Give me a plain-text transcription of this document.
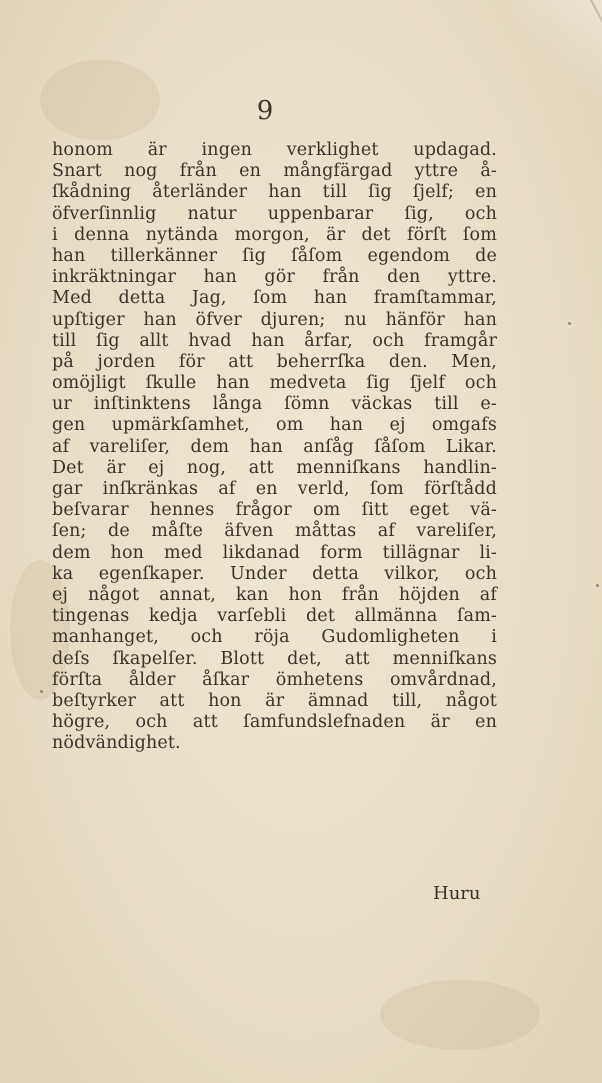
9
honom är ingen verklighet updagad.
Snart nog från en mångfärgad yttre å-
ſkådning återländer han till ſig ſjelf; en
öfverſinnlig natur uppenbarar ſig, och
i denna nytända morgon, är det förſt ſom
han tillerkänner ſig ſåſom egendom de
inkräktningar han gör från den yttre.
Med detta Jag, ſom han framſtammar,
upſtiger han öfver djuren; nu hänför han
till ſig allt hvad han årfar, och framgår
på jorden för att beherrſka den. Men,
omöjligt ſkulle han medveta ſig ſjelf och
ur inſtinktens långa ſömn väckas till e-
gen upmärkſamhet, om han ej omgafs
af vareliſer, dem han anſåg ſåſom Likar.
Det är ej nog, att menniſkans handlin-
gar inſkränkas af en verld, ſom förſtådd
beſvarar hennes frågor om ſitt eget vä-
ſen; de måſte äfven måttas af vareliſer,
dem hon med likdanad form tillägnar li-
ka egenſkaper. Under detta vilkor, och
ej något annat, kan hon från höjden af
tingenas kedja varſebli det allmänna ſam-
manhanget, och röja Gudomligheten i
deſs ſkapelſer. Blott det, att menniſkans
förſta ålder åſkar ömhetens omvårdnad,
beſtyrker att hon är ämnad till, något
högre, och att ſamfundslefnaden är en
nödvändighet.
Huru
